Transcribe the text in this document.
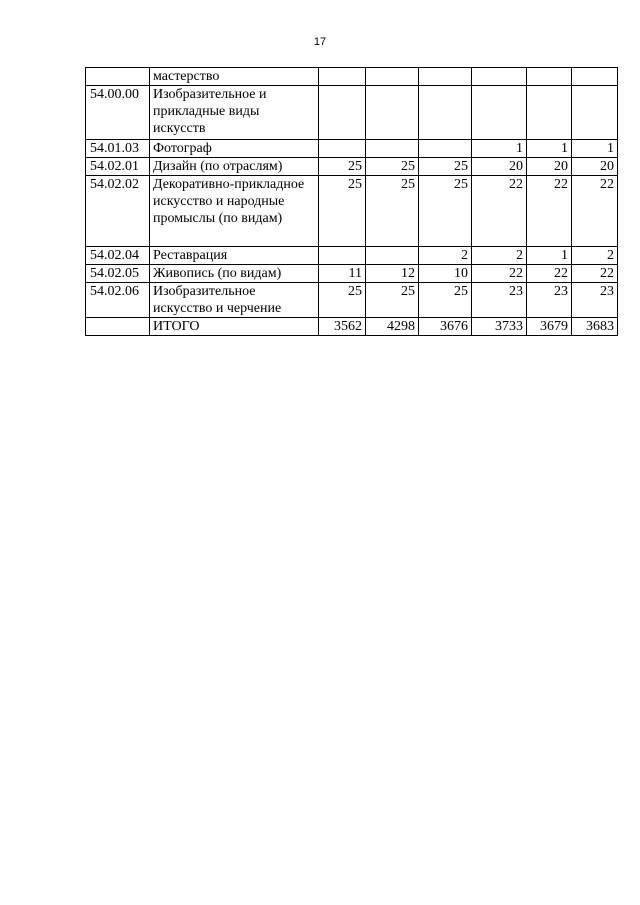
17
	мастерство						
54.00.00	Изобразительное и прикладные виды искусств						
54.01.03	Фотограф				1	1	1
54.02.01	Дизайн (по отраслям)	25	25	25	20	20	20
54.02.02	Декоративно-прикладное искусство и народные промыслы (по видам)	25	25	25	22	22	22
54.02.04	Реставрация			2	2	1	2
54.02.05	Живопись (по видам)	11	12	10	22	22	22
54.02.06	Изобразительное искусство и черчение	25	25	25	23	23	23
	ИТОГО	3562	4298	3676	3733	3679	3683
